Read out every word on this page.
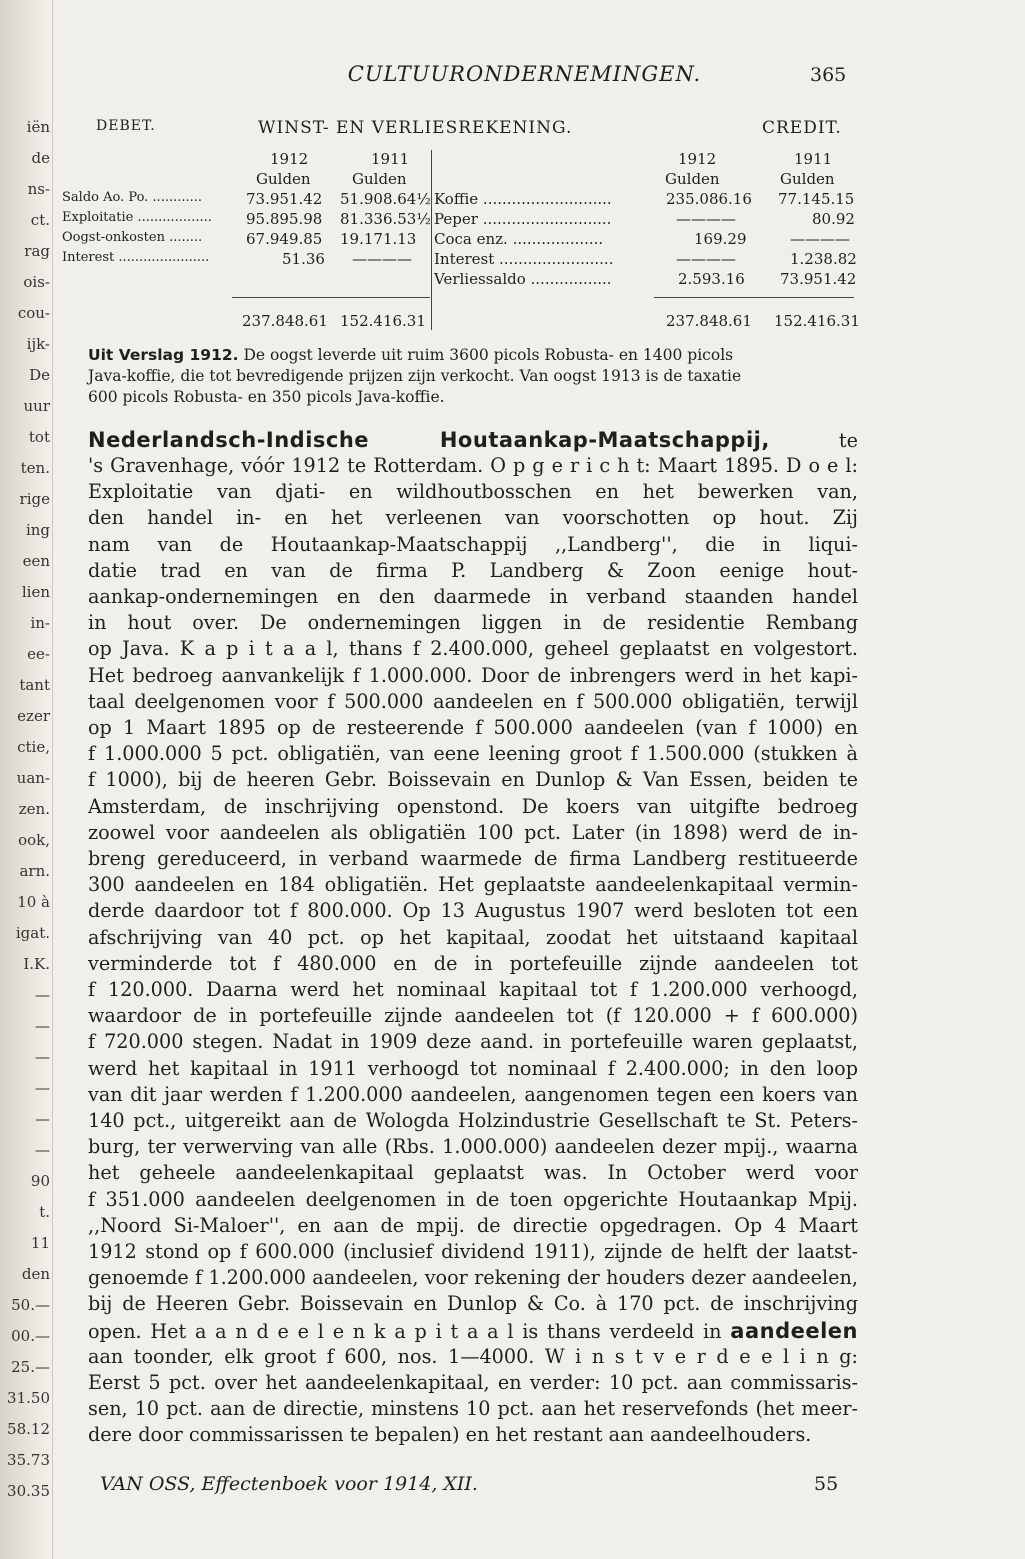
iën
de
ns-
ct.
rag
ois-
cou-
ijk-
De
uur
tot
ten.
rige
ing
een
lien
in-
ee-
tant
ezer
ctie,
uan-
zen.
ook,
arn.
10 à
igat.
I.K.
—
—
—
—
—
—
90
t.
11
den
50.—
00.—
25.—
31.50
58.12
35.73
30.35
CULTUURONDERNEMINGEN.	365
DEBET.	WINST- EN VERLIESREKENING.	CREDIT.
1912	1911
Gulden	Gulden
1912	1911
Gulden	Gulden
Saldo Ao. Po. ............	73.951.42 51.908.64½
Exploitatie .................. 95.895.98 81.336.53½
Oogst-onkosten ........	67.949.85 19.171.13
Interest ......................	51.36 ————
Koffie ...........................	235.086.16 77.145.15
Peper ...........................	————	80.92
Coca enz. ...................	169.29	————
Interest ........................	————	1.238.82
Verliessaldo .................	2.593.16 73.951.42
237.848.61 152.416.31	237.848.61 152.416.31
Uit Verslag 1912. De oogst leverde uit ruim 3600 picols Robusta- en 1400 picols
Java-koffie, die tot bevredigende prijzen zijn verkocht. Van oogst 1913 is de taxatie
600 picols Robusta- en 350 picols Java-koffie.
Nederlandsch-Indische Houtaankap-Maatschappij, te
's Gravenhage, vóór 1912 te Rotterdam. O p g e r i c h t: Maart 1895. D o e l:
Exploitatie van djati- en wildhoutbosschen en het bewerken van,
den handel in- en het verleenen van voorschotten op hout. Zij
nam van de Houtaankap-Maatschappij ,,Landberg'', die in liqui-
datie trad en van de firma P. Landberg & Zoon eenige hout-
aankap-ondernemingen en den daarmede in verband staanden handel
in hout over. De ondernemingen liggen in de residentie Rembang
op Java. K a p i t a a l, thans f 2.400.000, geheel geplaatst en volgestort.
Het bedroeg aanvankelijk f 1.000.000. Door de inbrengers werd in het kapi-
taal deelgenomen voor f 500.000 aandeelen en f 500.000 obligatiën, terwijl
op 1 Maart 1895 op de resteerende f 500.000 aandeelen (van f 1000) en
f 1.000.000 5 pct. obligatiën, van eene leening groot f 1.500.000 (stukken à
f 1000), bij de heeren Gebr. Boissevain en Dunlop & Van Essen, beiden te
Amsterdam, de inschrijving openstond. De koers van uitgifte bedroeg
zoowel voor aandeelen als obligatiën 100 pct. Later (in 1898) werd de in-
breng gereduceerd, in verband waarmede de firma Landberg restitueerde
300 aandeelen en 184 obligatiën. Het geplaatste aandeelenkapitaal vermin-
derde daardoor tot f 800.000. Op 13 Augustus 1907 werd besloten tot een
afschrijving van 40 pct. op het kapitaal, zoodat het uitstaand kapitaal
verminderde tot f 480.000 en de in portefeuille zijnde aandeelen tot
f 120.000. Daarna werd het nominaal kapitaal tot f 1.200.000 verhoogd,
waardoor de in portefeuille zijnde aandeelen tot (f 120.000 + f 600.000)
f 720.000 stegen. Nadat in 1909 deze aand. in portefeuille waren geplaatst,
werd het kapitaal in 1911 verhoogd tot nominaal f 2.400.000; in den loop
van dit jaar werden f 1.200.000 aandeelen, aangenomen tegen een koers van
140 pct., uitgereikt aan de Wologda Holzindustrie Gesellschaft te St. Peters-
burg, ter verwerving van alle (Rbs. 1.000.000) aandeelen dezer mpij., waarna
het geheele aandeelenkapitaal geplaatst was. In October werd voor
f 351.000 aandeelen deelgenomen in de toen opgerichte Houtaankap Mpij.
,,Noord Si-Maloer'', en aan de mpij. de directie opgedragen. Op 4 Maart
1912 stond op f 600.000 (inclusief dividend 1911), zijnde de helft der laatst-
genoemde f 1.200.000 aandeelen, voor rekening der houders dezer aandeelen,
bij de Heeren Gebr. Boissevain en Dunlop & Co. à 170 pct. de inschrijving
open. Het a a n d e e l e n k a p i t a a l is thans verdeeld in aandeelen
aan toonder, elk groot f 600, nos. 1—4000. W i n s t v e r d e e l i n g:
Eerst 5 pct. over het aandeelenkapitaal, en verder: 10 pct. aan commissaris-
sen, 10 pct. aan de directie, minstens 10 pct. aan het reservefonds (het meer-
dere door commissarissen te bepalen) en het restant aan aandeelhouders.
VAN OSS, Effectenboek voor 1914, XII.	55
